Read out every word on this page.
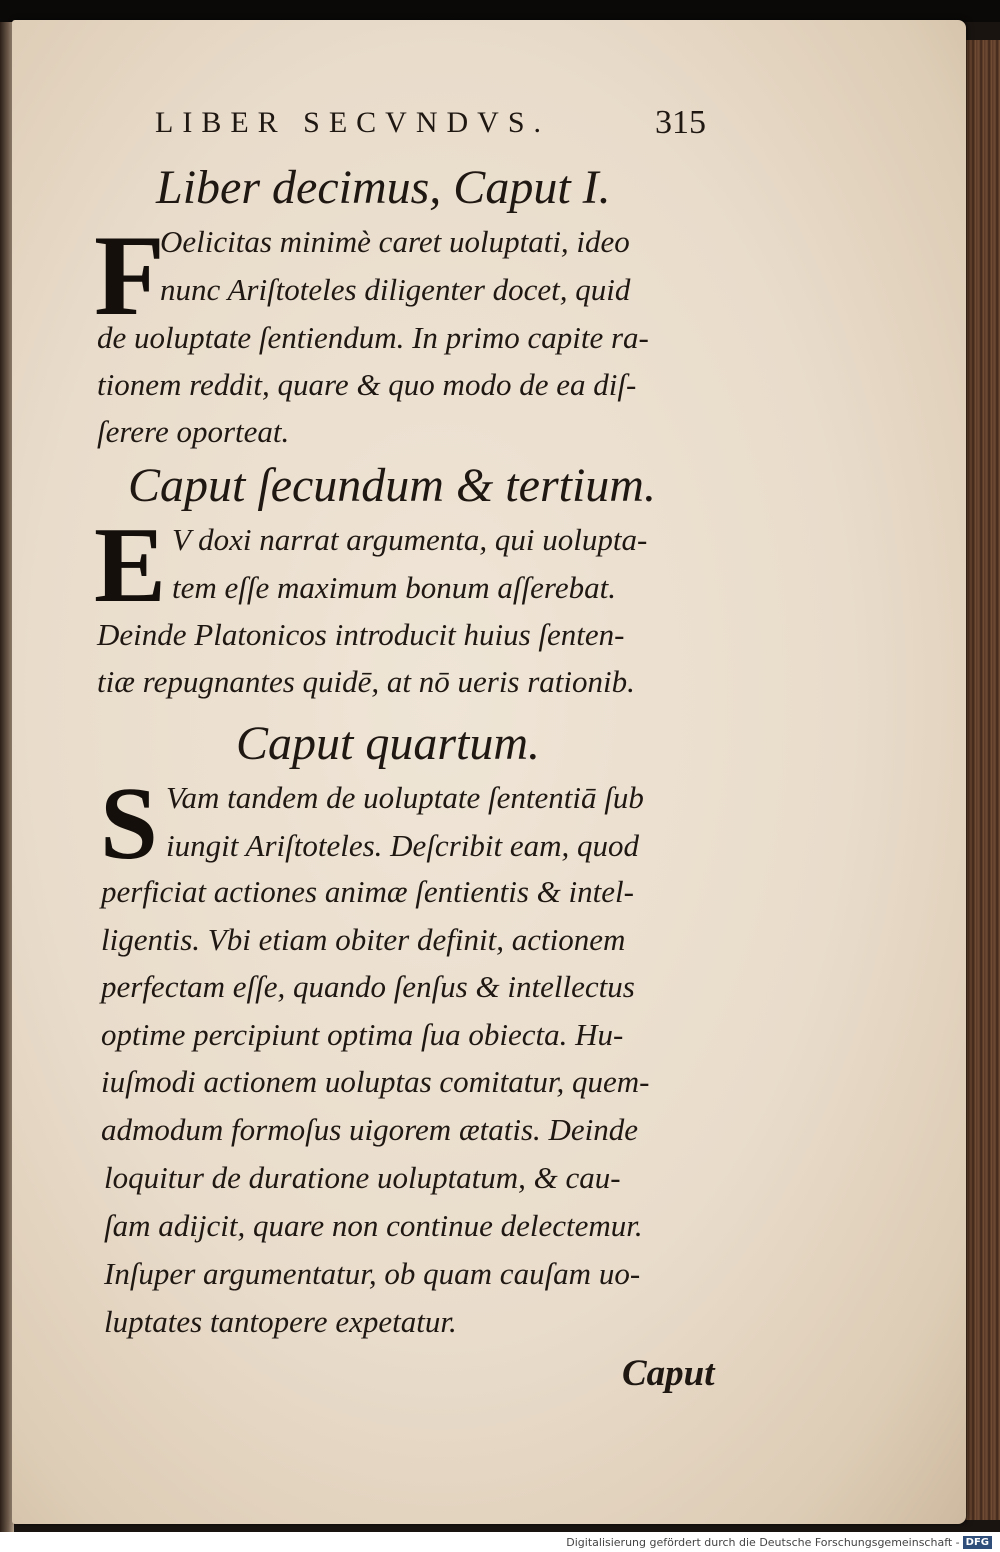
LIBER SECVNDVS.	315

Liber decimus, Caput I.

F

Oelicitas minimè caret uoluptati, ideo

nunc Ariſtoteles diligenter docet, quid

de uoluptate ſentiendum. In primo capite ra-

tionem reddit, quare & quo modo de ea diſ-

ſerere oporteat.

Caput ſecundum & tertium.

E V doxi narrat argumenta, qui uolupta-

tem eſſe maximum bonum aſſerebat.

Deinde Platonicos introducit huius ſenten-

tiæ repugnantes quidē, at nō ueris rationib.

Caput quartum.

S Vam tandem de uoluptate ſententiā ſub

iungit Ariſtoteles. Deſcribit eam, quod

perficiat actiones animæ ſentientis & intel-

ligentis. Vbi etiam obiter definit, actionem

perfectam eſſe, quando ſenſus & intellectus

optime percipiunt optima ſua obiecta. Hu-

iuſmodi actionem uoluptas comitatur, quem-

admodum formoſus uigorem ætatis. Deinde

loquitur de duratione uoluptatum, & cau-

ſam adijcit, quare non continue delectemur.

Inſuper argumentatur, ob quam cauſam uo-

luptates tantopere expetatur.

Caput

Digitalisierung gefördert durch die Deutsche Forschungsgemeinschaft - DFG
